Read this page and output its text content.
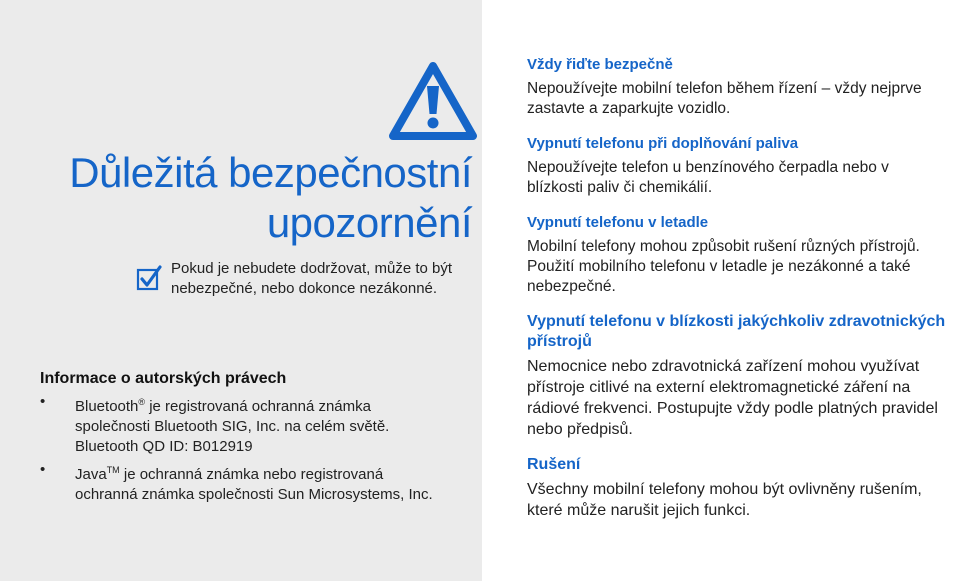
Důležitá bezpečnostní
upozornění
Pokud je nebudete dodržovat, může to být
nebezpečné, nebo dokonce nezákonné.

Informace o autorských právech

• Bluetooth® je registrovaná ochranná známka
společnosti Bluetooth SIG, Inc. na celém světě.
Bluetooth QD ID: B012919
• Java™ je ochranná známka nebo registrovaná
ochranná známka společnosti Sun Microsystems, Inc.

Vždy řiďte bezpečně

Nepoužívejte mobilní telefon během řízení – vždy nejprve
zastavte a zaparkujte vozidlo.

Vypnutí telefonu při doplňování paliva

Nepoužívejte telefon u benzínového čerpadla nebo v
blízkosti paliv či chemikálií.

Vypnutí telefonu v letadle

Mobilní telefony mohou způsobit rušení různých přístrojů.
Použití mobilního telefonu v letadle je nezákonné a také
nebezpečné.

Vypnutí telefonu v blízkosti jakýchkoliv zdravotnických
přístrojů

Nemocnice nebo zdravotnická zařízení mohou využívat
přístroje citlivé na externí elektromagnetické záření na
rádiové frekvenci. Postupujte vždy podle platných pravidel
nebo předpisů.

Rušení

Všechny mobilní telefony mohou být ovlivněny rušením,
které může narušit jejich funkci.
